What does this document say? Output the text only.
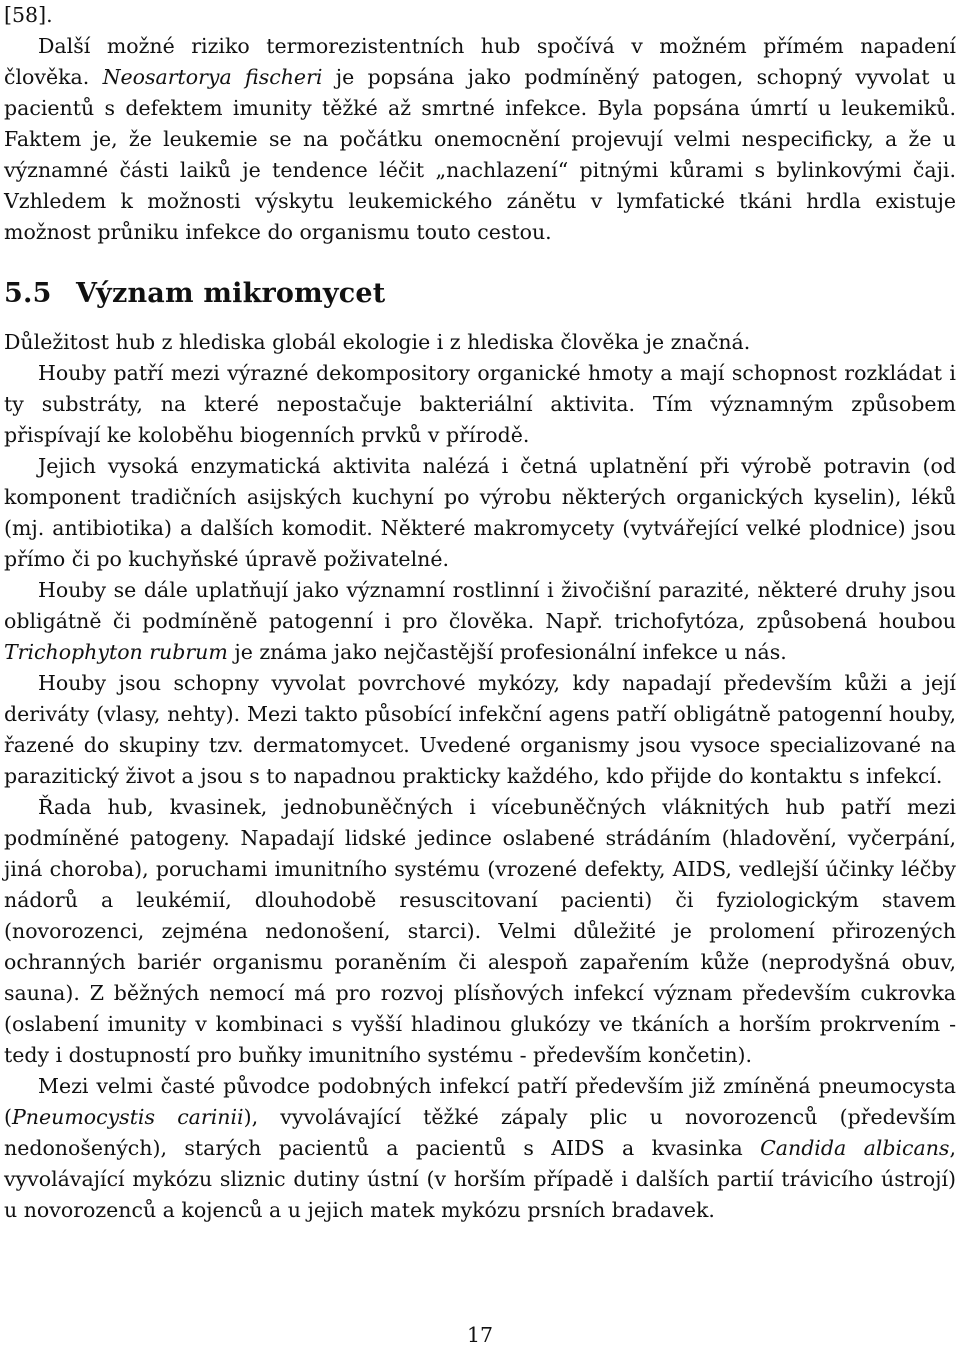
[58].

Další možné riziko termorezistentních hub spočívá v možném přímém napadení člověka. Neosartorya fischeri je popsána jako podmíněný patogen, schopný vyvolat u pacientů s defektem imunity těžké až smrtné infekce. Byla popsána úmrtí u leukemiků. Faktem je, že leukemie se na počátku onemocnění projevují velmi nespecificky, a že u významné části laiků je tendence léčit „nachlazení“ pitnými kůrami s bylinkovými čaji. Vzhledem k možnosti výskytu leukemického zánětu v lymfatické tkáni hrdla existuje možnost průniku infekce do organismu touto cestou.

5.5 Význam mikromycet

Důležitost hub z hlediska globál ekologie i z hlediska člověka je značná.

Houby patří mezi výrazné dekompository organické hmoty a mají schopnost rozkládat i ty substráty, na které nepostačuje bakteriální aktivita. Tím významným způsobem přispívají ke koloběhu biogenních prvků v přírodě.

Jejich vysoká enzymatická aktivita nalézá i četná uplatnění při výrobě potravin (od komponent tradičních asijských kuchyní po výrobu některých organických kyselin), léků (mj. antibiotika) a dalších komodit. Některé makromycety (vytvářející velké plodnice) jsou přímo či po kuchyňské úpravě poživatelné.

Houby se dále uplatňují jako významní rostlinní i živočišní parazité, některé druhy jsou obligátně či podmíněně patogenní i pro člověka. Např. trichofytóza, způsobená houbou Trichophyton rubrum je známa jako nejčastější profesionální infekce u nás.

Houby jsou schopny vyvolat povrchové mykózy, kdy napadají především kůži a její deriváty (vlasy, nehty). Mezi takto působící infekční agens patří obligátně patogenní houby, řazené do skupiny tzv. dermatomycet. Uvedené organismy jsou vysoce specializované na parazitický život a jsou s to napadnou prakticky každého, kdo přijde do kontaktu s infekcí.

Řada hub, kvasinek, jednobuněčných i vícebuněčných vláknitých hub patří mezi podmíněné patogeny. Napadají lidské jedince oslabené strádáním (hladovění, vyčerpání, jiná choroba), poruchami imunitního systému (vrozené defekty, AIDS, vedlejší účinky léčby nádorů a leukémií, dlouhodobě resuscitovaní pacienti) či fyziologickým stavem (novorozenci, zejména nedonošení, starci). Velmi důležité je prolomení přirozených ochranných bariér organismu poraněním či alespoň zapařením kůže (neprodyšná obuv, sauna). Z běžných nemocí má pro rozvoj plísňových infekcí význam především cukrovka (oslabení imunity v kombinaci s vyšší hladinou glukózy ve tkáních a horším prokrvením - tedy i dostupností pro buňky imunitního systému - především končetin).

Mezi velmi časté původce podobných infekcí patří především již zmíněná pneumocysta (Pneumocystis carinii), vyvolávající těžké zápaly plic u novorozenců (především nedonošených), starých pacientů a pacientů s AIDS a kvasinka Candida albicans, vyvolávající mykózu sliznic dutiny ústní (v horším případě i dalších partií trávicího ústrojí) u novorozenců a kojenců a u jejich matek mykózu prsních bradavek.

17
